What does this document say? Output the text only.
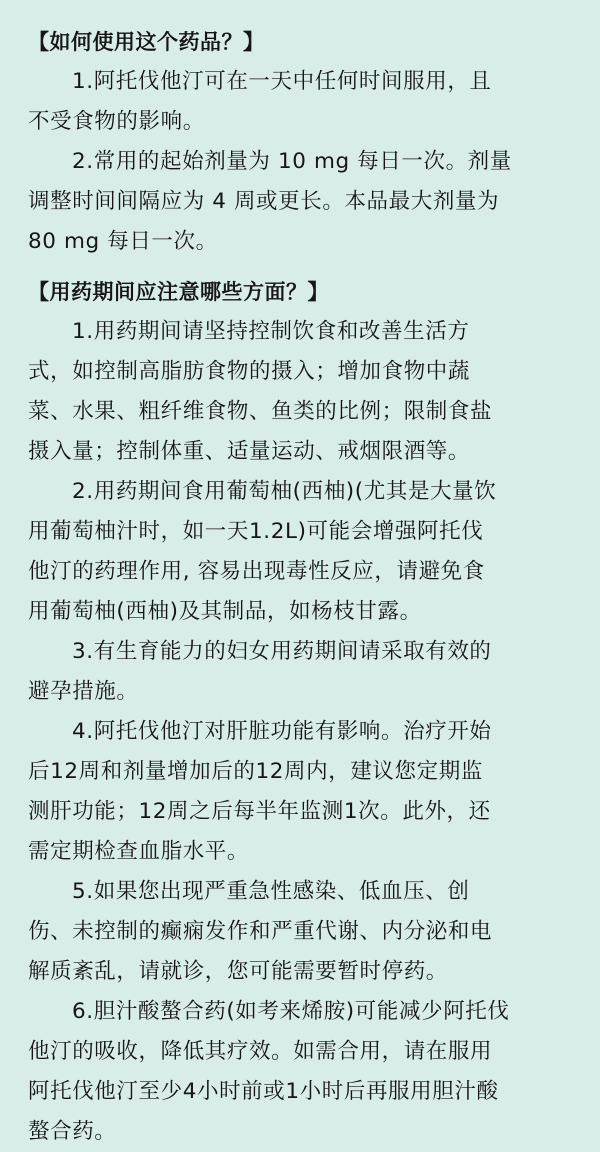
【如何使用这个药品？】

1.阿托伐他汀可在一天中任何时间服用，且
不受食物的影响。

2.常用的起始剂量为 10 mg 每日一次。剂量
调整时间间隔应为 4 周或更长。本品最大剂量为
80 mg 每日一次。

【用药期间应注意哪些方面？】

1.用药期间请坚持控制饮食和改善生活方
式，如控制高脂肪食物的摄入；增加食物中蔬
菜、水果、粗纤维食物、鱼类的比例；限制食盐
摄入量；控制体重、适量运动、戒烟限酒等。

2.用药期间食用葡萄柚(西柚)(尤其是大量饮
用葡萄柚汁时，如一天1.2L)可能会增强阿托伐
他汀的药理作用, 容易出现毒性反应，请避免食
用葡萄柚(西柚)及其制品，如杨枝甘露。

3.有生育能力的妇女用药期间请采取有效的
避孕措施。

4.阿托伐他汀对肝脏功能有影响。治疗开始
后12周和剂量增加后的12周内，建议您定期监
测肝功能；12周之后每半年监测1次。此外，还
需定期检查血脂水平。

5.如果您出现严重急性感染、低血压、创
伤、未控制的癫痫发作和严重代谢、内分泌和电
解质紊乱，请就诊，您可能需要暂时停药。

6.胆汁酸螯合药(如考来烯胺)可能减少阿托伐
他汀的吸收，降低其疗效。如需合用，请在服用
阿托伐他汀至少4小时前或1小时后再服用胆汁酸
螯合药。
